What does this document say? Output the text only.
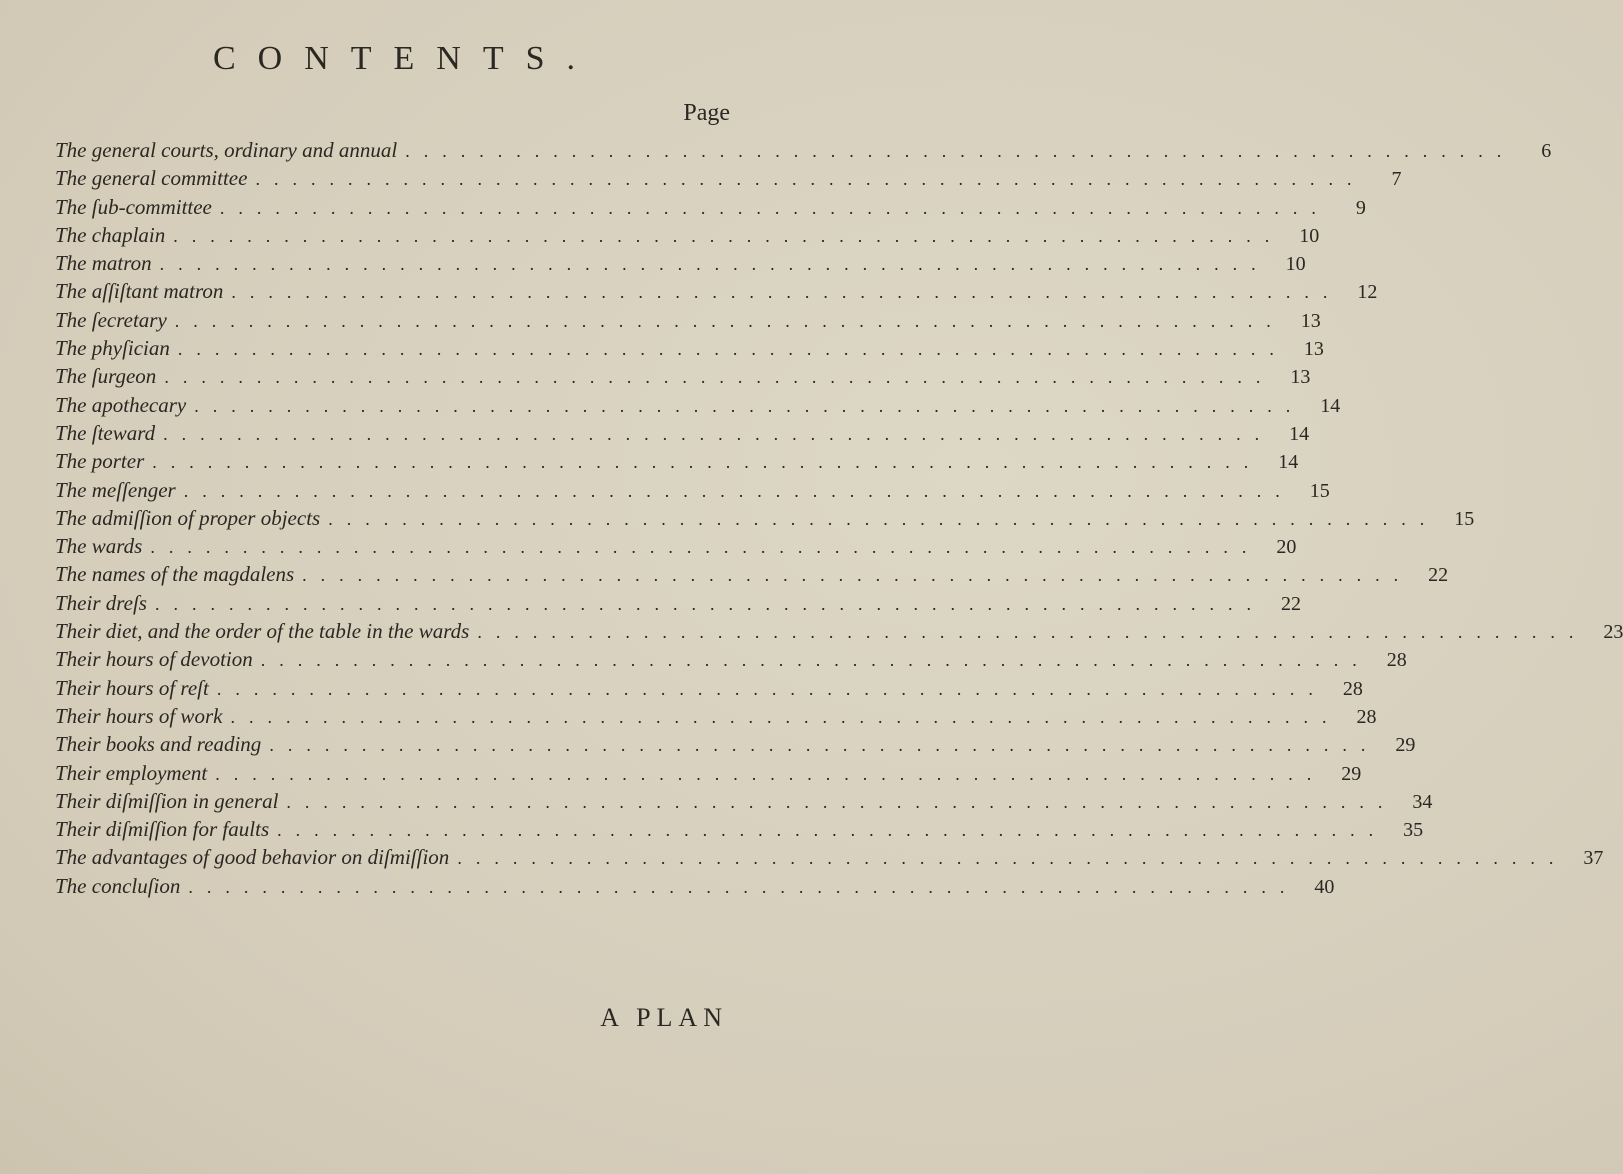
CONTENTS.
Page
The general courts, ordinary and annual ............................................................	6
The general committee ............................................................	7
The ſub-committee ............................................................	9
The chaplain ............................................................ 10
The matron ............................................................ 10
The aſſiſtant matron ............................................................ 12
The ſecretary ............................................................ 13
The phyſician ............................................................ 13
The ſurgeon ............................................................ 13
The apothecary ............................................................ 14
The ſteward ............................................................ 14
The porter ............................................................ 14
The meſſenger ............................................................ 15
The admiſſion of proper objects ............................................................ 15
The wards ............................................................ 20
The names of the magdalens ............................................................ 22
Their dreſs ............................................................ 22
Their diet, and the order of the table in the wards ............................................................ 23
Their hours of devotion ............................................................ 28
Their hours of reſt ............................................................ 28
Their hours of work ............................................................ 28
Their books and reading ............................................................ 29
Their employment ............................................................ 29
Their diſmiſſion in general ............................................................ 34
Their diſmiſſion for faults ............................................................ 35
The advantages of good behavior on diſmiſſion ............................................................ 37
The concluſion ............................................................ 40
A PLAN
